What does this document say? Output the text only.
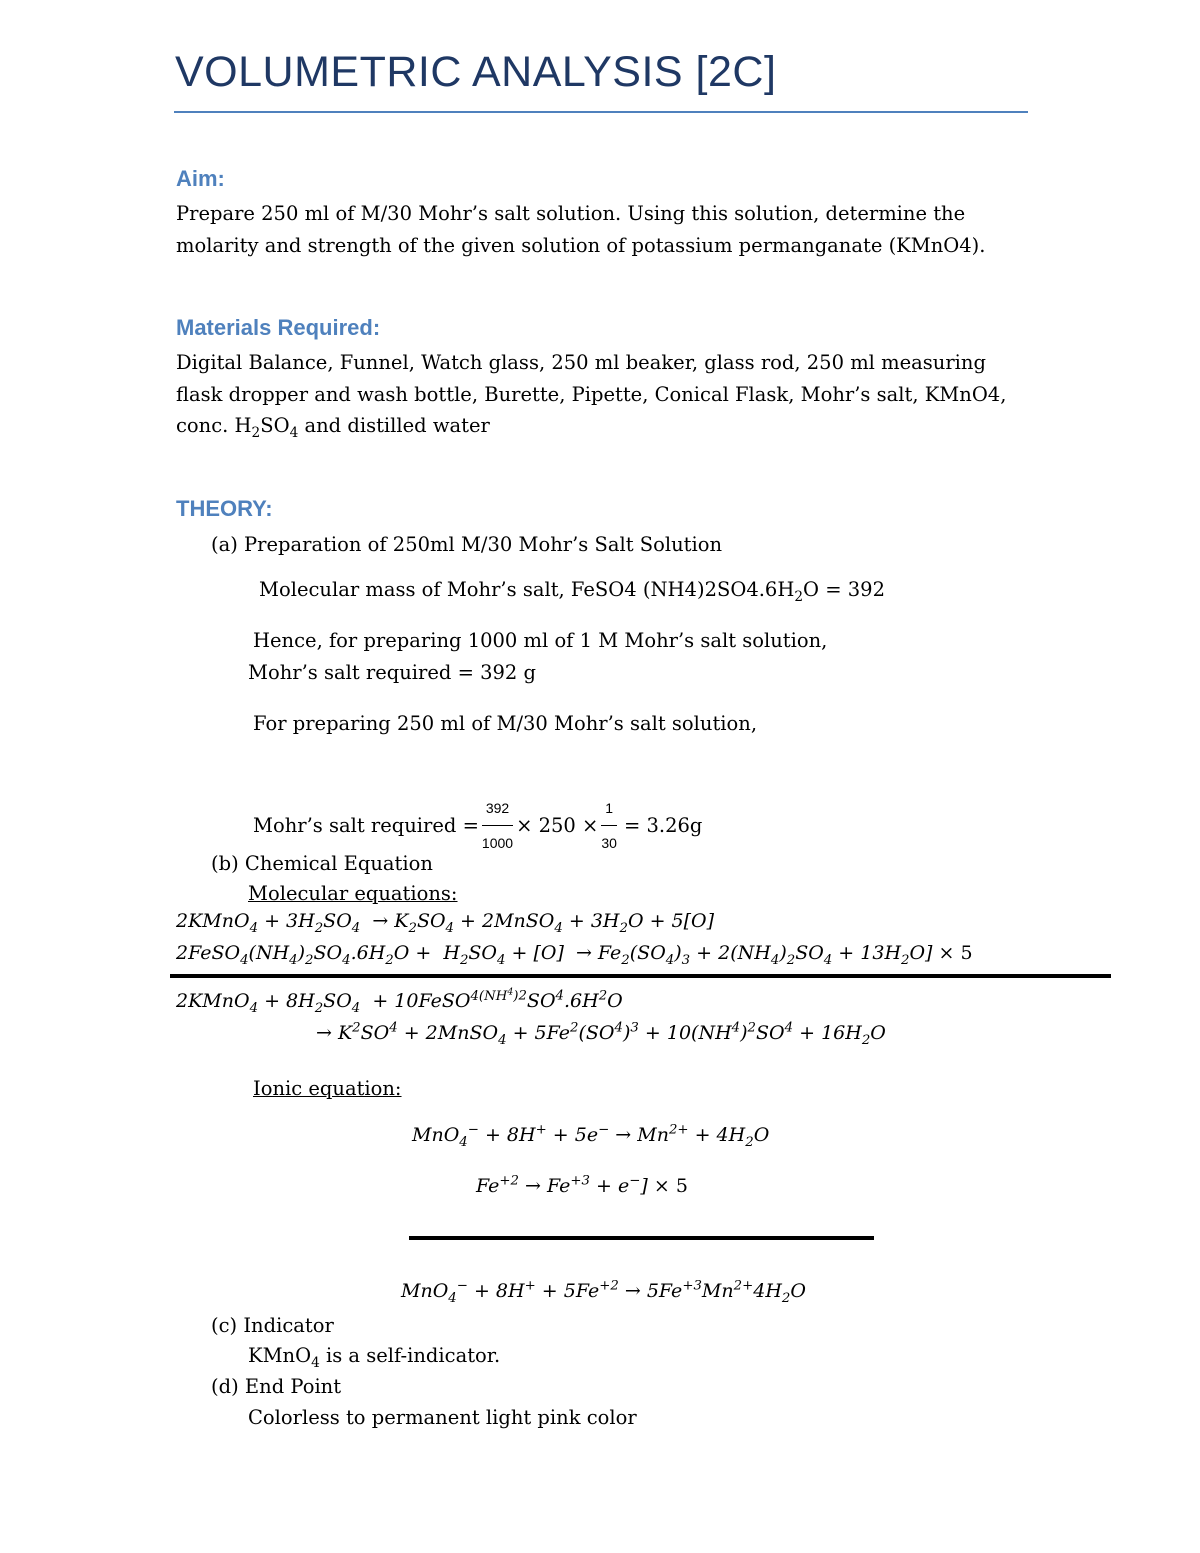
VOLUMETRIC ANALYSIS [2C]
Aim:
Prepare 250 ml of M/30 Mohr’s salt solution. Using this solution, determine the
molarity and strength of the given solution of potassium permanganate (KMnO4).
Materials Required:
Digital Balance, Funnel, Watch glass, 250 ml beaker, glass rod, 250 ml measuring
flask dropper and wash bottle, Burette, Pipette, Conical Flask, Mohr’s salt, KMnO4,
conc. $H_2SO_4$ and distilled water
THEORY:
(a) Preparation of 250ml M/30 Mohr’s Salt Solution
Molecular mass of Mohr’s salt, FeSO4 $(NH4)2SO4.6H_2O = 392$
Hence, for preparing 1000 ml of 1 M Mohr’s salt solution,
Mohr’s salt required = 392 g
For preparing 250 ml of M/30 Mohr’s salt solution,
Mohr’s salt required = $\frac{392}{1000} \times 250 \times \frac{1}{30} = 3.26g$
(b) Chemical Equation
Molecular equations:
2KMnO$_4$ + $3H_2SO_4 \to K_2SO_4$ + 2MnSO$_4$ + $3H_2O + 5[O]$
$2FeSO_4(NH_4)_2SO_4.6H_2O + H_2SO_4 + [O] \to Fe_2(SO_4)_3 + 2(NH_4)_2SO_4 + 13H_2O] \times 5$
2KMnO$_4$ + $8H_2SO_4$  + $10FeSO^{4(NH^4)2}SO^4.6H^2O$
→ $K^2SO^4$ + 2MnSO$_4$ + $5Fe^2(SO^4)^3 + 10(NH^4)^2SO^4 + 16H_2O$
Ionic equation:
$MnO_4^- + 8H^+ + 5e^- \to Mn^{2+} + 4H_2O$
$Fe^{+2} \to Fe^{+3} + e^-] \times 5$
$MnO_4^- + 8H^+ + 5Fe^{+2} \to 5Fe^{+3}Mn^{2+}4H_2O$
(c) Indicator
KMnO$_4$ is a self-indicator.
(d) End Point
Colorless to permanent light pink color
